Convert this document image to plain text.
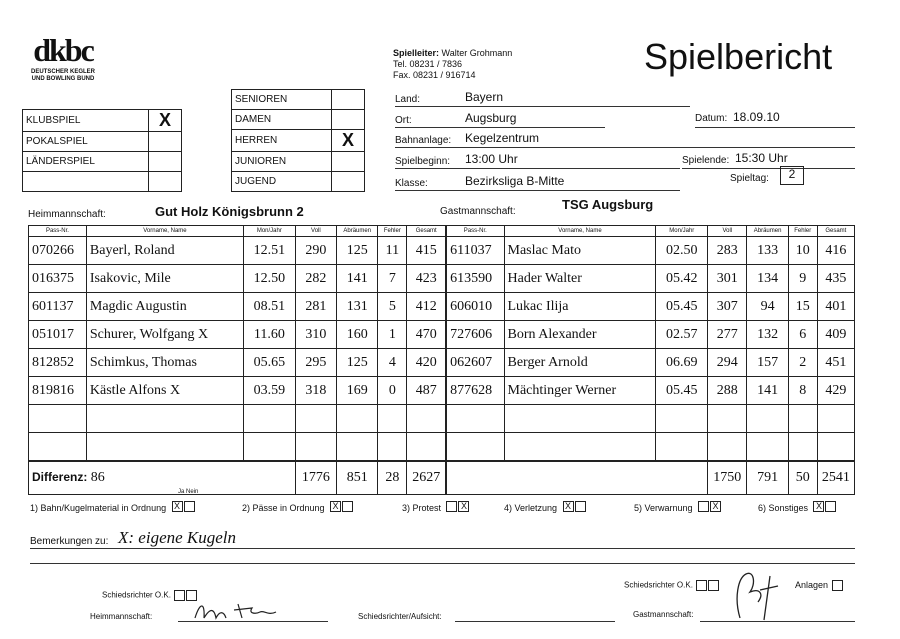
dkbc
DEUTSCHER KEGLER UND BOWLING BUND
Spielbericht
Spielleiter: Walter Grohmann
Tel. 08231 / 7836
Fax. 08231 / 916714
KLUBSPIEL	X
POKALSPIEL	
LÄNDERSPIEL	

SENIOREN	
DAMEN	
HERREN	X
JUNIOREN	
JUGEND	
Land:	Bayern
Ort:	Augsburg
Bahnanlage: Kegelzentrum
Spielbeginn: 13:00 Uhr
Klasse:	Bezirksliga B-Mitte
Datum: 18.09.10
Spielende: 15:30 Uhr
Spieltag:	2
Heimmannschaft:	Gut Holz Königsbrunn 2	Gastmannschaft:	TSG Augsburg
Pass-Nr.	Vorname, Name	Mon/Jahr	Voll	Abräumen	Fehler	Gesamt	Pass-Nr.	Vorname, Name	Mon/Jahr	Voll	Abräumen	Fehler	Gesamt
070266	Bayerl, Roland	12.51	290	125	11	415	611037	Maslac Mato	02.50	283	133	10	416
016375	Isakovic, Mile	12.50	282	141	7	423	613590	Hader Walter	05.42	301	134	9	435
601137	Magdic Augustin	08.51	281	131	5	412	606010	Lukac Ilija	05.45	307	94	15	401
051017	Schurer, Wolfgang X	11.60	310	160	1	470	727606	Born Alexander	02.57	277	132	6	409
812852	Schimkus, Thomas	05.65	295	125	4	420	062607	Berger Arnold	06.69	294	157	2	451
819816	Kästle Alfons X	03.59	318	169	0	487	877628	Mächtinger Werner	05.45	288	141	8	429

Differenz: 86			1776	851	28	2627				1750	791	50	2541
1) Bahn/Kugelmaterial in Ordnung X	2) Pässe in Ordnung X	3) Protest X	4) Verletzung X	5) Verwarnung X	6) Sonstiges X
Ja Nein
Bemerkungen zu: X: eigene Kugeln
Schiedsrichter O.K.
Schiedsrichter O.K.	Anlagen
Heimmannschaft:	Schiedsrichter/Aufsicht:	Gastmannschaft:
